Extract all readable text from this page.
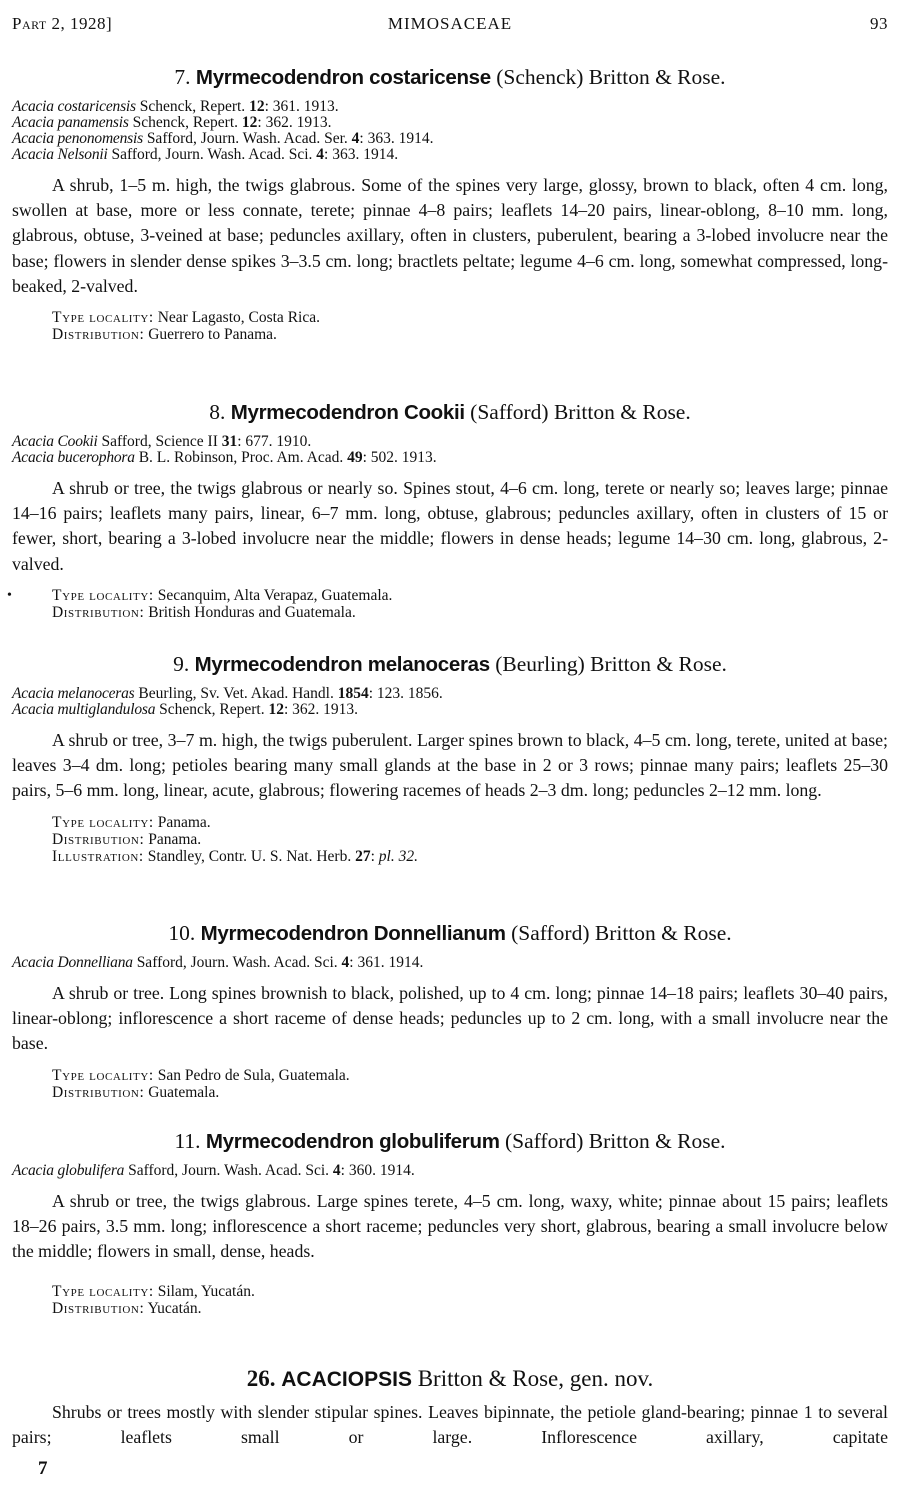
Part 2, 1928]	MIMOSACEAE	93
7. Myrmecodendron costaricense (Schenck) Britton & Rose.

Acacia costaricensis Schenck, Repert. 12: 361. 1913.

Acacia panamensis Schenck, Repert. 12: 362. 1913.

Acacia penonomensis Safford, Journ. Wash. Acad. Ser. 4: 363. 1914.

Acacia Nelsonii Safford, Journ. Wash. Acad. Sci. 4: 363. 1914.

A shrub, 1–5 m. high, the twigs glabrous. Some of the spines very large, glossy, brown to black, often 4 cm. long, swollen at base, more or less connate, terete; pinnae 4–8 pairs; leaflets 14–20 pairs, linear-oblong, 8–10 mm. long, glabrous, obtuse, 3-veined at base; peduncles axillary, often in clusters, puberulent, bearing a 3-lobed involucre near the base; flowers in slender dense spikes 3–3.5 cm. long; bractlets peltate; legume 4–6 cm. long, somewhat compressed, long-beaked, 2-valved.

Type locality: Near Lagasto, Costa Rica.
Distribution: Guerrero to Panama.
8. Myrmecodendron Cookii (Safford) Britton & Rose.

Acacia Cookii Safford, Science II 31: 677. 1910.

Acacia bucerophora B. L. Robinson, Proc. Am. Acad. 49: 502. 1913.

A shrub or tree, the twigs glabrous or nearly so. Spines stout, 4–6 cm. long, terete or nearly so; leaves large; pinnae 14–16 pairs; leaflets many pairs, linear, 6–7 mm. long, obtuse, glabrous; peduncles axillary, often in clusters of 15 or fewer, short, bearing a 3-lobed involucre near the middle; flowers in dense heads; legume 14–30 cm. long, glabrous, 2-valved.

•	Type locality: Secanquim, Alta Verapaz, Guatemala.
Distribution: British Honduras and Guatemala.
9. Myrmecodendron melanoceras (Beurling) Britton & Rose.

Acacia melanoceras Beurling, Sv. Vet. Akad. Handl. 1854: 123. 1856.

Acacia multiglandulosa Schenck, Repert. 12: 362. 1913.

A shrub or tree, 3–7 m. high, the twigs puberulent. Larger spines brown to black, 4–5 cm. long, terete, united at base; leaves 3–4 dm. long; petioles bearing many small glands at the base in 2 or 3 rows; pinnae many pairs; leaflets 25–30 pairs, 5–6 mm. long, linear, acute, glabrous; flowering racemes of heads 2–3 dm. long; peduncles 2–12 mm. long.

Type locality: Panama.
Distribution: Panama.
Illustration: Standley, Contr. U. S. Nat. Herb. 27: pl. 32.
10. Myrmecodendron Donnellianum (Safford) Britton & Rose.

Acacia Donnelliana Safford, Journ. Wash. Acad. Sci. 4: 361. 1914.

A shrub or tree. Long spines brownish to black, polished, up to 4 cm. long; pinnae 14–18 pairs; leaflets 30–40 pairs, linear-oblong; inflorescence a short raceme of dense heads; peduncles up to 2 cm. long, with a small involucre near the base.

Type locality: San Pedro de Sula, Guatemala.
Distribution: Guatemala.
11. Myrmecodendron globuliferum (Safford) Britton & Rose.

Acacia globulifera Safford, Journ. Wash. Acad. Sci. 4: 360. 1914.

A shrub or tree, the twigs glabrous. Large spines terete, 4–5 cm. long, waxy, white; pinnae about 15 pairs; leaflets 18–26 pairs, 3.5 mm. long; inflorescence a short raceme; peduncles very short, glabrous, bearing a small involucre below the middle; flowers in small, dense, heads.

Type locality: Silam, Yucatán.
Distribution: Yucatán.
26. ACACIOPSIS Britton & Rose, gen. nov.

Shrubs or trees mostly with slender stipular spines. Leaves bipinnate, the petiole gland-bearing; pinnae 1 to several pairs; leaflets small or large. Inflorescence axillary, capitate

7
